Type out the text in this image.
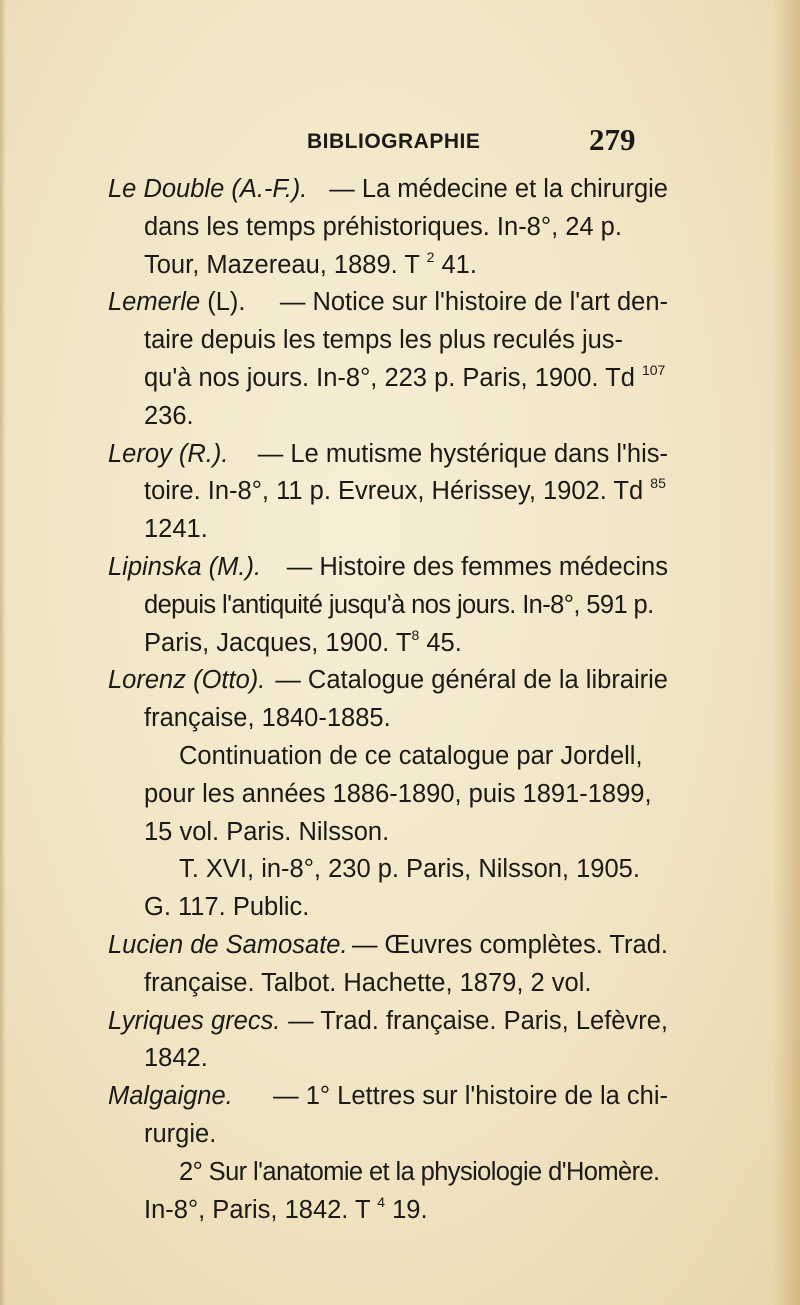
BIBLIOGRAPHIE	279
Le Double (A.-F.). — La médecine et la chirurgie
dans les temps préhistoriques. In-8°, 24 p.
Tour, Mazereau, 1889. T $^2$ 41.
Lemerle (L). — Notice sur l'histoire de l'art den-
taire depuis les temps les plus reculés jus-
qu'à nos jours. In-8°, 223 p. Paris, 1900. Td $^{107}$
236.
Leroy (R.). — Le mutisme hystérique dans l'his-
toire. In-8°, 11 p. Evreux, Hérissey, 1902. Td $^{85}$
1241.
Lipinska (M.). — Histoire des femmes médecins
depuis l'antiquité jusqu'à nos jours. In-8°, 591 p.
Paris, Jacques, 1900. $T^8$ 45.
Lorenz (Otto). — Catalogue général de la librairie
française, 1840-1885.
Continuation de ce catalogue par Jordell,
pour les années 1886-1890, puis 1891-1899,
15 vol. Paris. Nilsson.
T. XVI, in-8°, 230 p. Paris, Nilsson, 1905.
G. 117. Public.
Lucien de Samosate. — Œuvres complètes. Trad.
française. Talbot. Hachette, 1879, 2 vol.
Lyriques grecs. — Trad. française. Paris, Lefèvre,
1842.
Malgaigne. — 1° Lettres sur l'histoire de la chi-
rurgie.
2° Sur l'anatomie et la physiologie d'Homère.
In-8°, Paris, 1842. T $^4$ 19.
